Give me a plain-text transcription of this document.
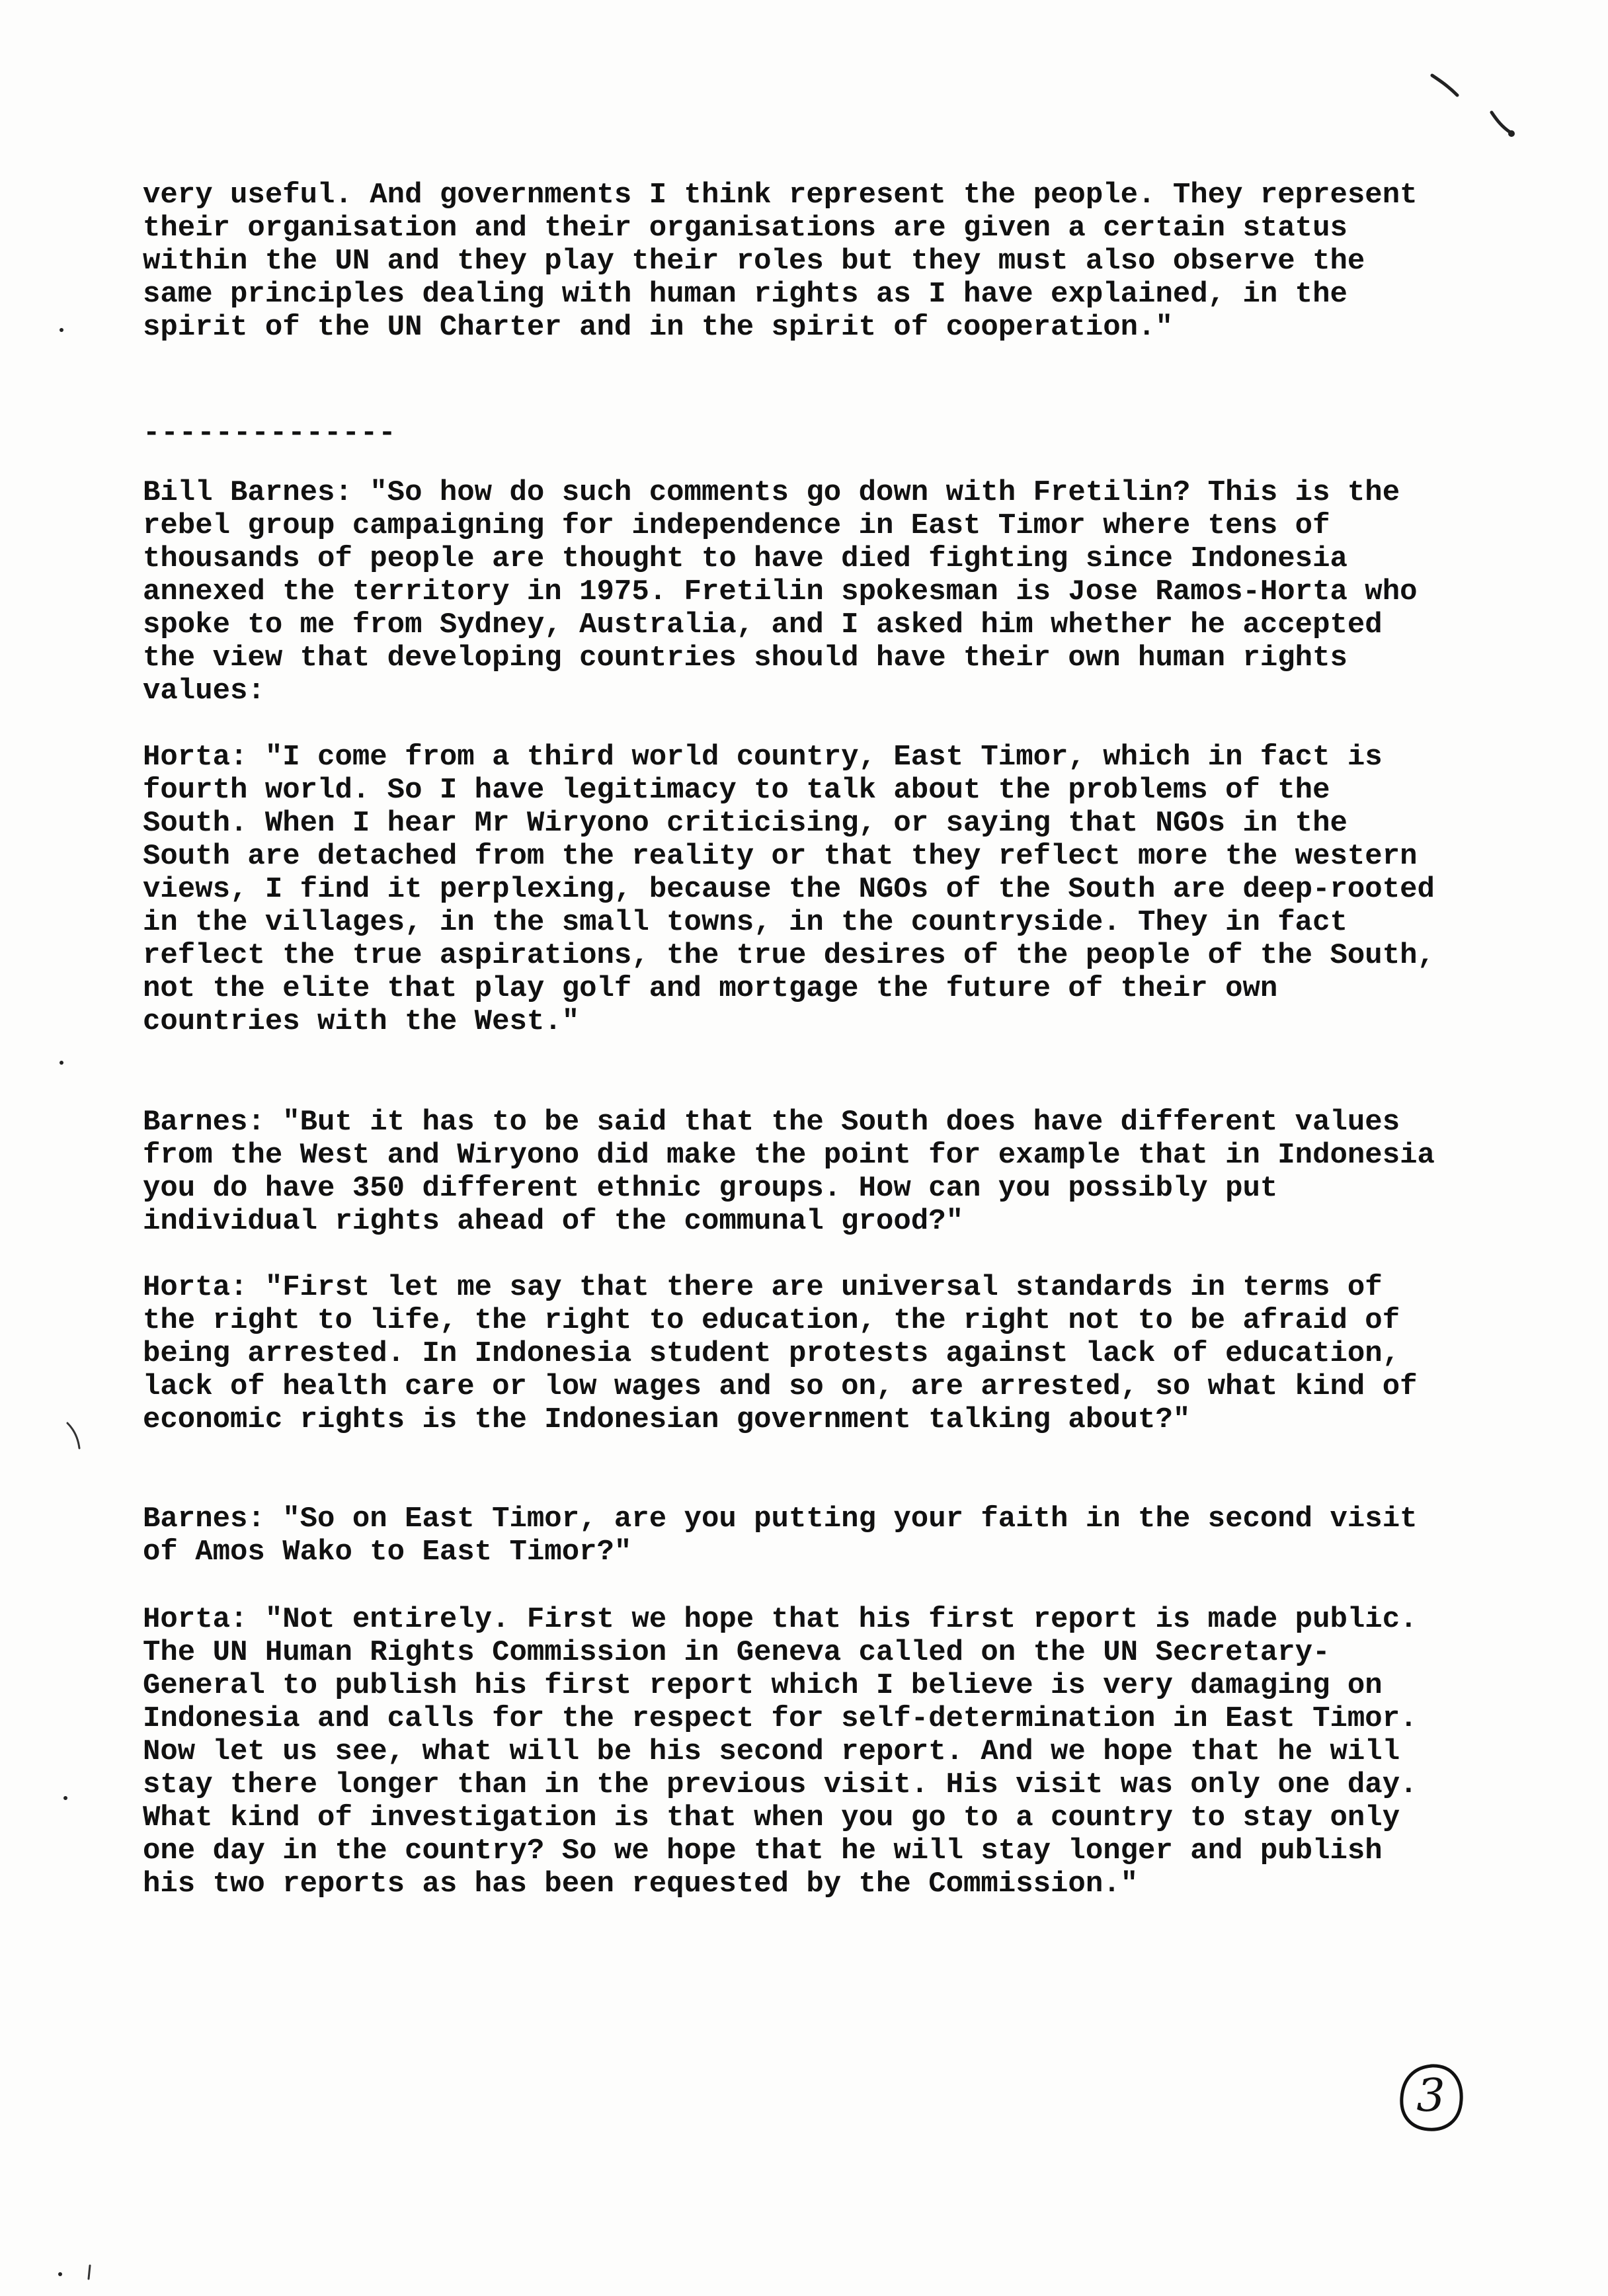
very useful. And governments I think represent the people. They represent their organisation and their organisations are given a certain status within the UN and they play their roles but they must also observe the same principles dealing with human rights as I have explained, in the spirit of the UN Charter and in the spirit of cooperation."

--------------

Bill Barnes: "So how do such comments go down with Fretilin? This is the rebel group campaigning for independence in East Timor where tens of thousands of people are thought to have died fighting since Indonesia annexed the territory in 1975. Fretilin spokesman is Jose Ramos-Horta who spoke to me from Sydney, Australia, and I asked him whether he accepted the view that developing countries should have their own human rights values:

Horta: "I come from a third world country, East Timor, which in fact is fourth world. So I have legitimacy to talk about the problems of the South. When I hear Mr Wiryono criticising, or saying that NGOs in the South are detached from the reality or that they reflect more the western views, I find it perplexing, because the NGOs of the South are deep-rooted in the villages, in the small towns, in the countryside. They in fact reflect the true aspirations, the true desires of the people of the South, not the elite that play golf and mortgage the future of their own countries with the West."

Barnes: "But it has to be said that the South does have different values from the West and Wiryono did make the point for example that in Indonesia you do have 350 different ethnic groups. How can you possibly put individual rights ahead of the communal grood?"

Horta: "First let me say that there are universal standards in terms of the right to life, the right to education, the right not to be afraid of being arrested. In Indonesia student protests against lack of education, lack of health care or low wages and so on, are arrested, so what kind of economic rights is the Indonesian government talking about?"

Barnes: "So on East Timor, are you putting your faith in the second visit of Amos Wako to East Timor?"

Horta: "Not entirely. First we hope that his first report is made public. The UN Human Rights Commission in Geneva called on the UN Secretary-General to publish his first report which I believe is very damaging on Indonesia and calls for the respect for self-determination in East Timor. Now let us see, what will be his second report. And we hope that he will stay there longer than in the previous visit. His visit was only one day. What kind of investigation is that when you go to a country to stay only one day in the country? So we hope that he will stay longer and publish his two reports as has been requested by the Commission."

3
